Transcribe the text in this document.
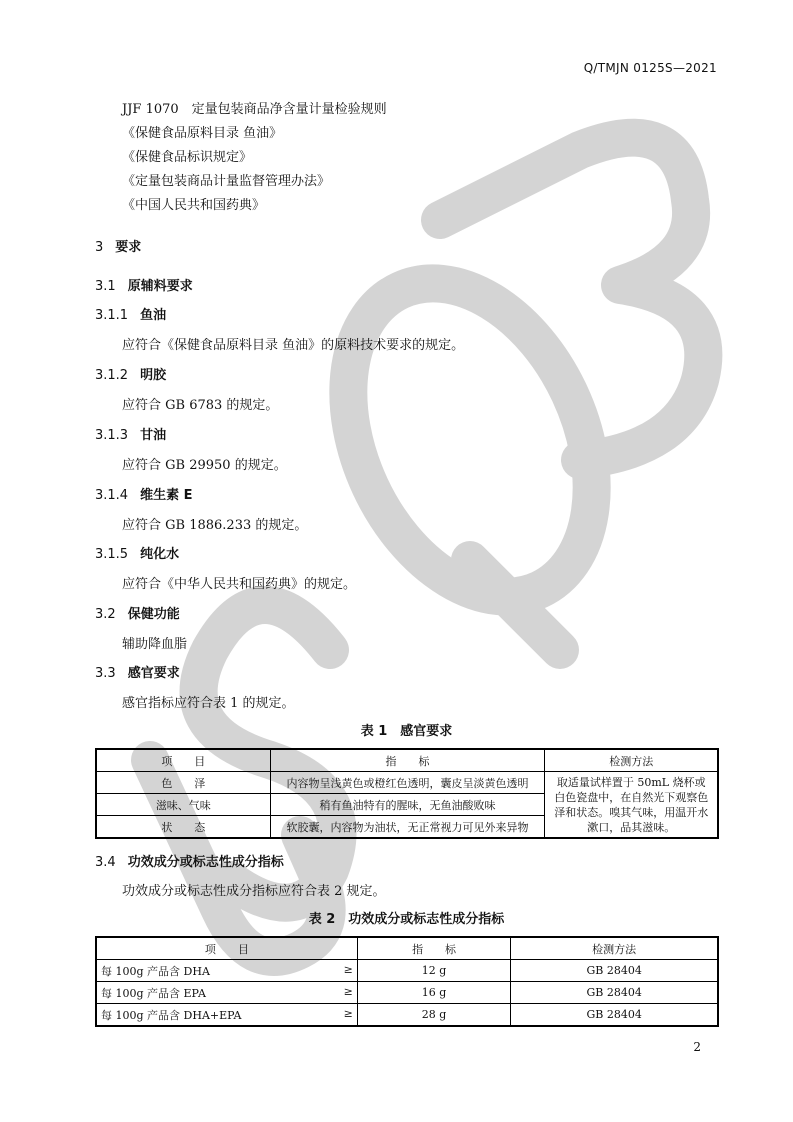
Q/TMJN 0125S—2021
JJF 1070　定量包装商品净含量计量检验规则
《保健食品原料目录 鱼油》
《保健食品标识规定》
《定量包装商品计量监督管理办法》
《中国人民共和国药典》
3 要求
3.1 原辅料要求
3.1.1 鱼油
应符合《保健食品原料目录 鱼油》的原料技术要求的规定。
3.1.2 明胶
应符合 GB 6783 的规定。
3.1.3 甘油
应符合 GB 29950 的规定。
3.1.4 维生素 E
应符合 GB 1886.233 的规定。
3.1.5 纯化水
应符合《中华人民共和国药典》的规定。
3.2 保健功能
辅助降血脂
3.3 感官要求
感官指标应符合表 1 的规定。
表 1　感官要求
项　　目	指　　标	检测方法
色　　泽	内容物呈浅黄色或橙红色透明，囊皮呈淡黄色透明	取适量试样置于 50mL 烧杯或白色瓷盘中，在自然光下观察色泽和状态。嗅其气味，用温开水漱口，品其滋味。
滋味、气味	稍有鱼油特有的腥味，无鱼油酸败味	
状　　态	软胶囊，内容物为油状，无正常视力可见外来异物	
3.4 功效成分或标志性成分指标
功效成分或标志性成分指标应符合表 2 规定。
表 2　功效成分或标志性成分指标
项　　目	指　　标	检测方法
每 100g 产品含 DHA ≥	12 g	GB 28404
每 100g 产品含 EPA ≥	16 g	GB 28404
每 100g 产品含 DHA+EPA ≥	28 g	GB 28404
2
